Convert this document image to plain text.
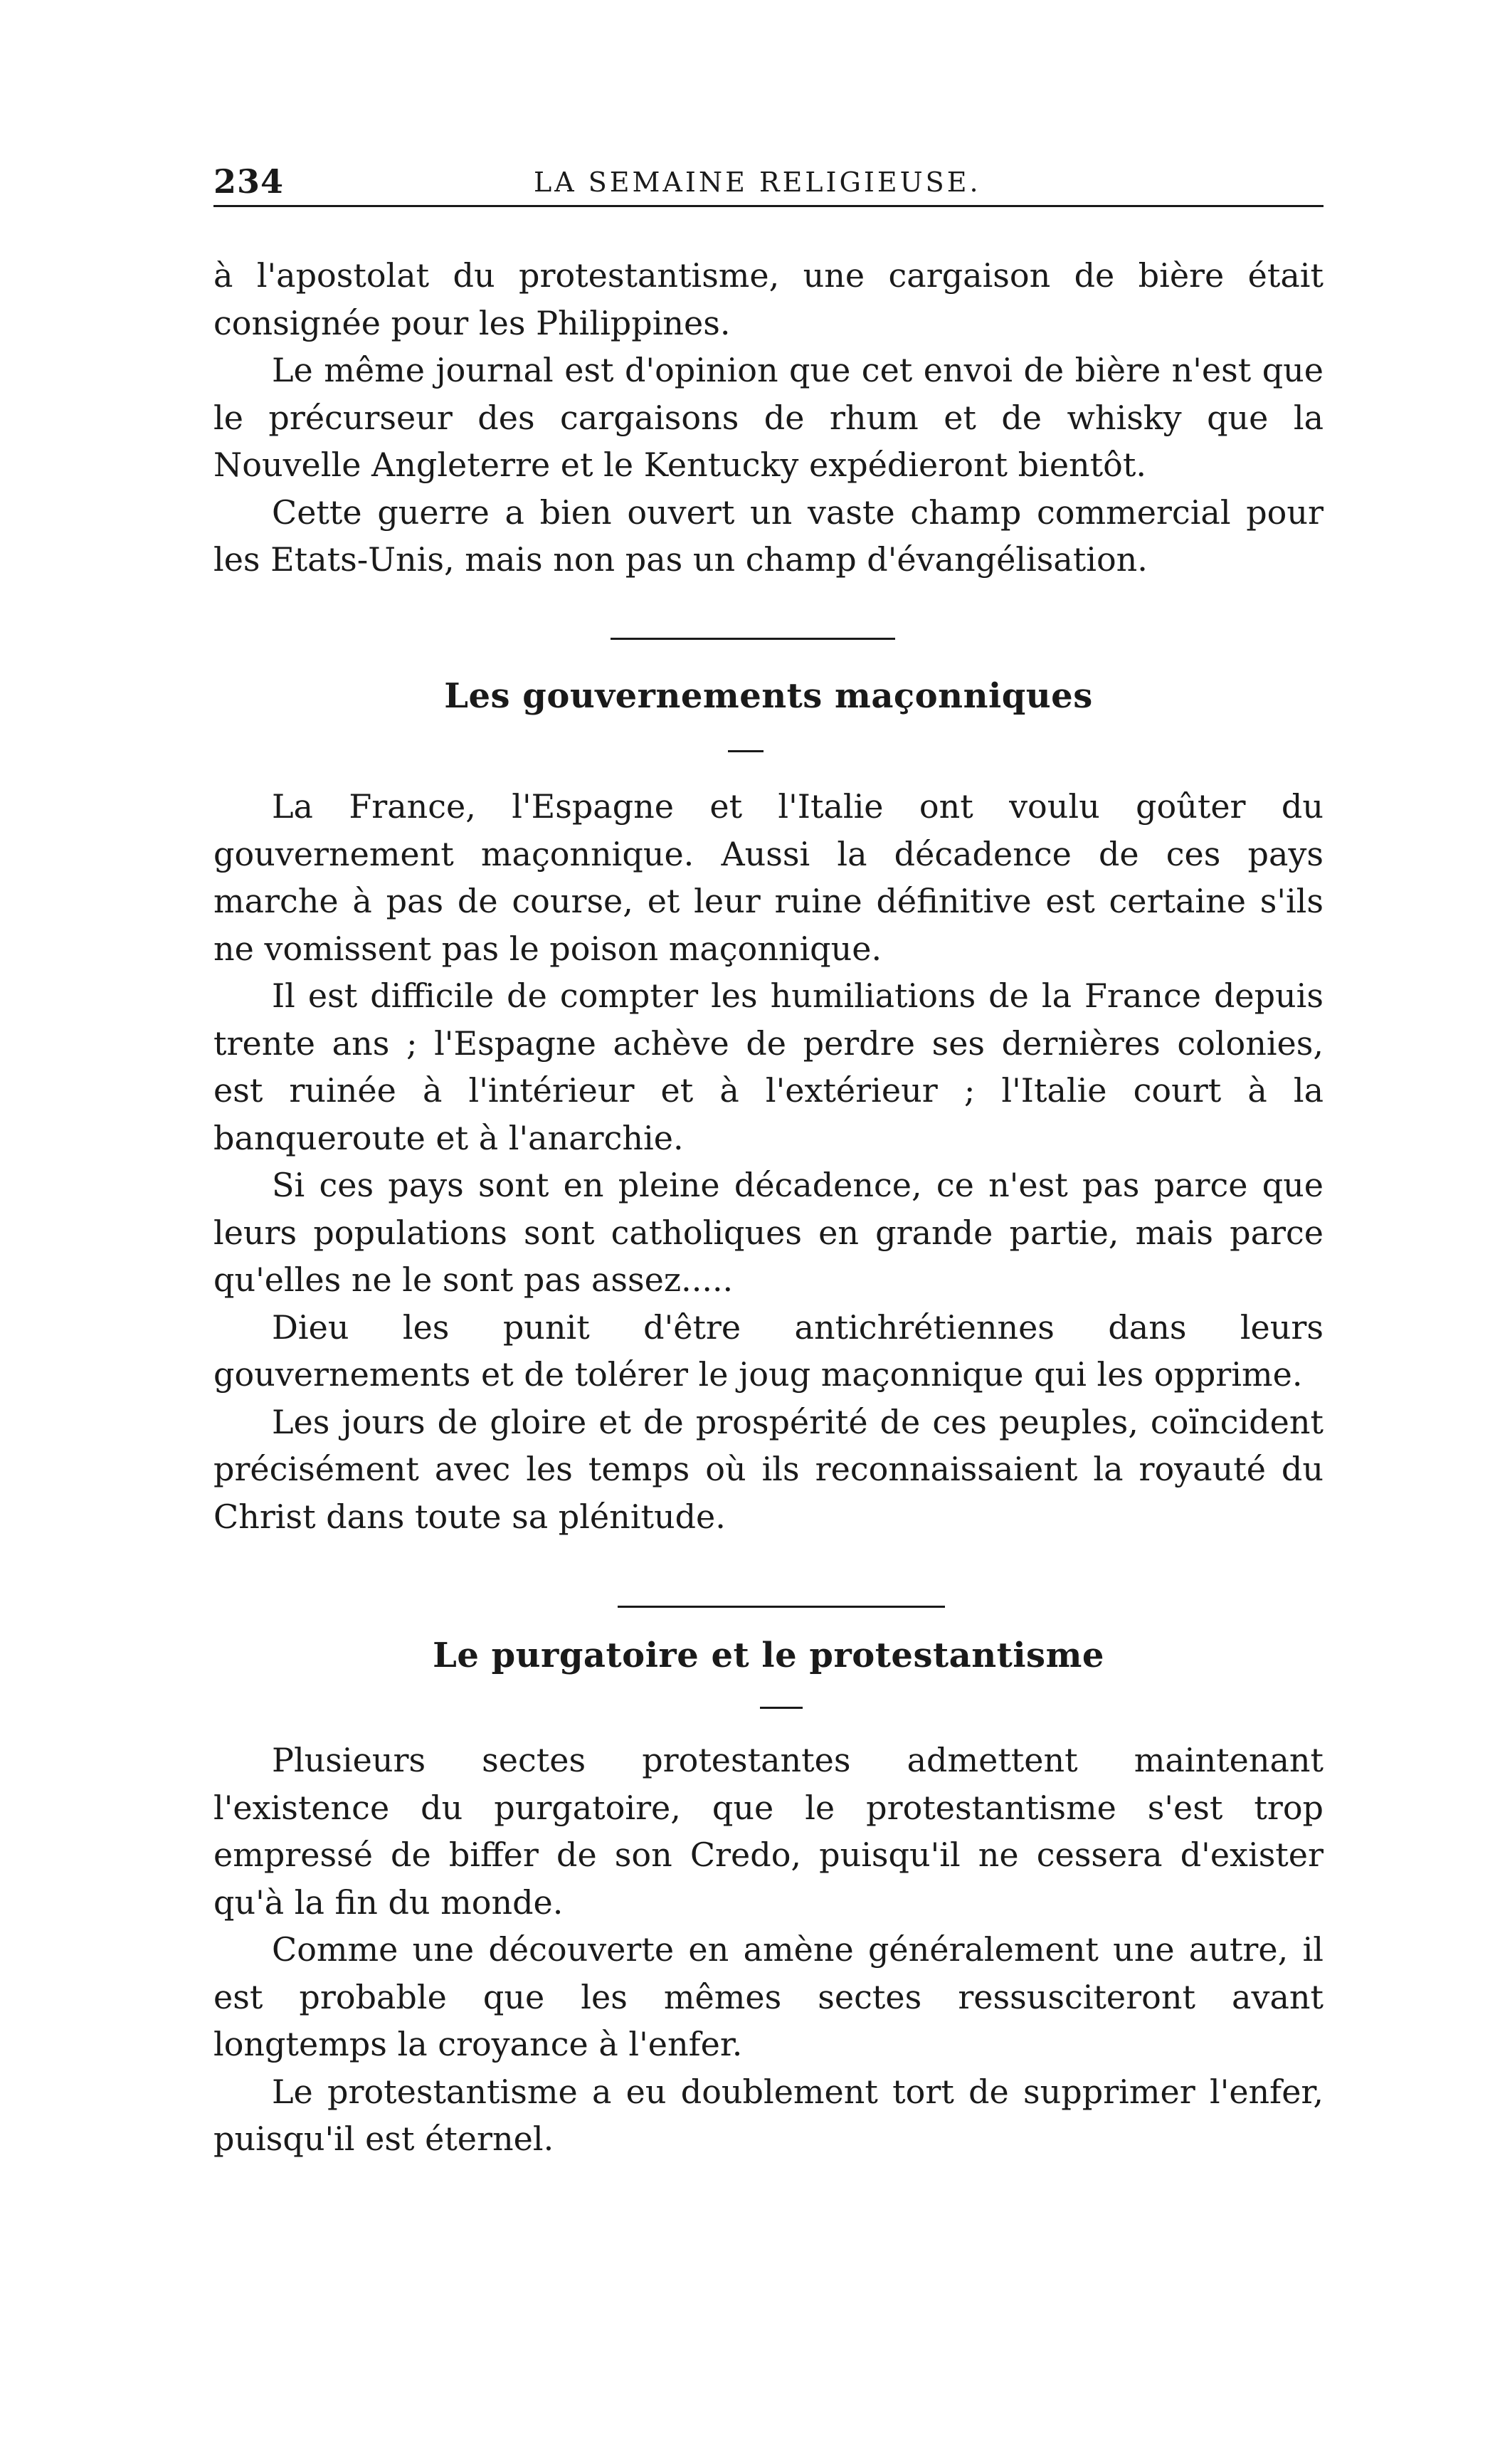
234	LA SEMAINE RELIGIEUSE.

à l'apostolat du protestantisme, une cargaison de bière était consignée pour les Philippines.

Le même journal est d'opinion que cet envoi de bière n'est que le précurseur des cargaisons de rhum et de whisky que la Nouvelle Angleterre et le Kentucky expédieront bientôt.

Cette guerre a bien ouvert un vaste champ commercial pour les Etats-Unis, mais non pas un champ d'évangélisation.

Les gouvernements maçonniques

La France, l'Espagne et l'Italie ont voulu goûter du gouvernement maçonnique. Aussi la décadence de ces pays marche à pas de course, et leur ruine définitive est certaine s'ils ne vomissent pas le poison maçonnique.

Il est difficile de compter les humiliations de la France depuis trente ans ; l'Espagne achève de perdre ses dernières colonies, est ruinée à l'intérieur et à l'extérieur ; l'Italie court à la banqueroute et à l'anarchie.

Si ces pays sont en pleine décadence, ce n'est pas parce que leurs populations sont catholiques en grande partie, mais parce qu'elles ne le sont pas assez.....

Dieu les punit d'être antichrétiennes dans leurs gouvernements et de tolérer le joug maçonnique qui les opprime.

Les jours de gloire et de prospérité de ces peuples, coïncident précisément avec les temps où ils reconnaissaient la royauté du Christ dans toute sa plénitude.

Le purgatoire et le protestantisme

Plusieurs sectes protestantes admettent maintenant l'existence du purgatoire, que le protestantisme s'est trop empressé de biffer de son Credo, puisqu'il ne cessera d'exister qu'à la fin du monde.

Comme une découverte en amène généralement une autre, il est probable que les mêmes sectes ressusciteront avant longtemps la croyance à l'enfer.

Le protestantisme a eu doublement tort de supprimer l'enfer, puisqu'il est éternel.
